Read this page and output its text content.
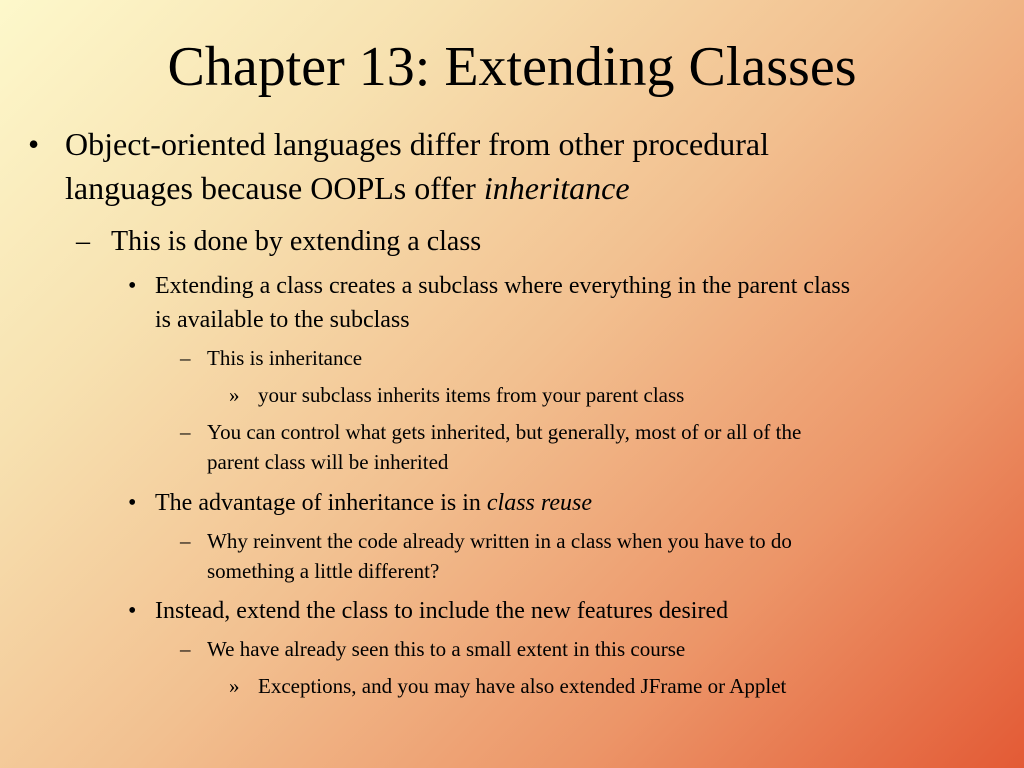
Chapter 13: Extending Classes

• Object-oriented languages differ from other procedural
languages because OOPLs offer inheritance

– This is done by extending a class

• Extending a class creates a subclass where everything in the parent class
is available to the subclass

– This is inheritance

» your subclass inherits items from your parent class

– You can control what gets inherited, but generally, most of or all of the
parent class will be inherited

• The advantage of inheritance is in class reuse

– Why reinvent the code already written in a class when you have to do
something a little different?

• Instead, extend the class to include the new features desired

– We have already seen this to a small extent in this course

» Exceptions, and you may have also extended JFrame or Applet
